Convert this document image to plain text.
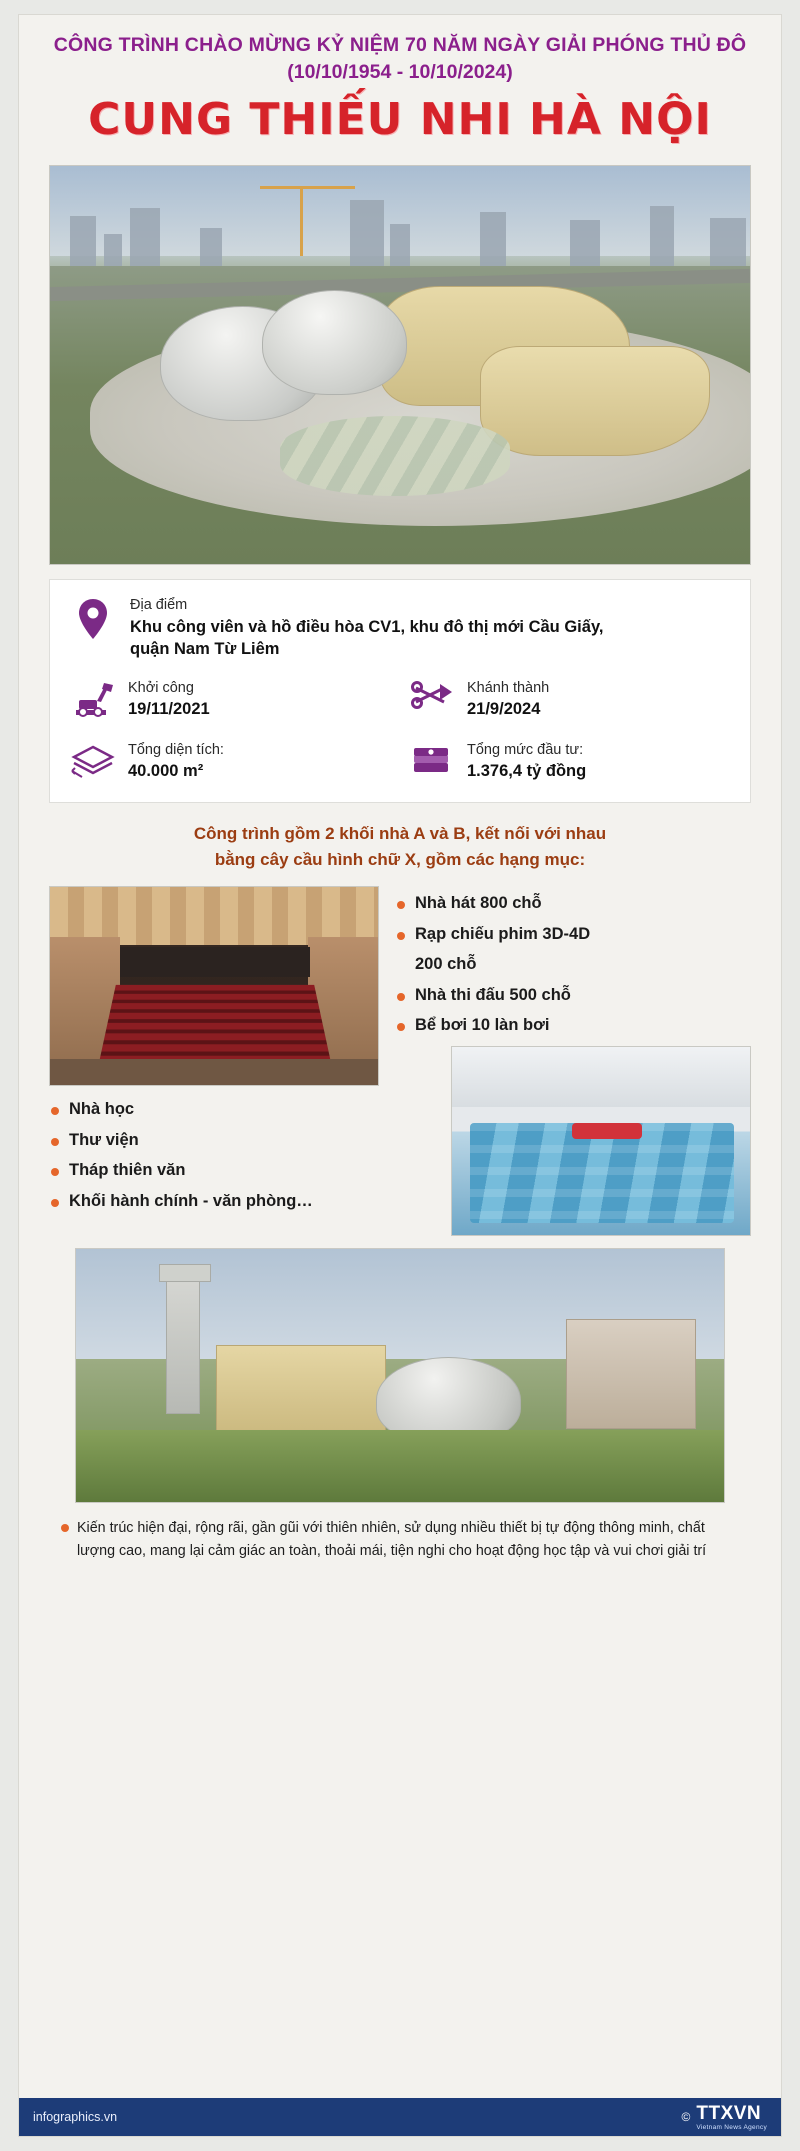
CÔNG TRÌNH CHÀO MỪNG KỶ NIỆM 70 NĂM NGÀY GIẢI PHÓNG THỦ ĐÔ
(10/10/1954 - 10/10/2024)
CUNG THIẾU NHI HÀ NỘI
Địa điểm
Khu công viên và hồ điều hòa CV1, khu đô thị mới Cầu Giấy,
quận Nam Từ Liêm
Khởi công
19/11/2021
Khánh thành
21/9/2024
Tổng diện tích:
40.000 m²
Tổng mức đầu tư:
1.376,4 tỷ đồng
Công trình gồm 2 khối nhà A và B, kết nối với nhau
bằng cây cầu hình chữ X, gồm các hạng mục:
Nhà hát 800 chỗ
Rạp chiếu phim 3D-4D
200 chỗ
Nhà thi đấu 500 chỗ
Bể bơi 10 làn bơi
Nhà học
Thư viện
Tháp thiên văn
Khối hành chính - văn phòng…
Kiến trúc hiện đại, rộng rãi, gần gũi với thiên nhiên, sử dụng nhiều thiết bị tự động thông minh, chất lượng cao, mang lại cảm giác an toàn, thoải mái, tiện nghi cho hoạt động học tập và vui chơi giải trí
infographics.vn	© TTXVN
Vietnam News Agency
